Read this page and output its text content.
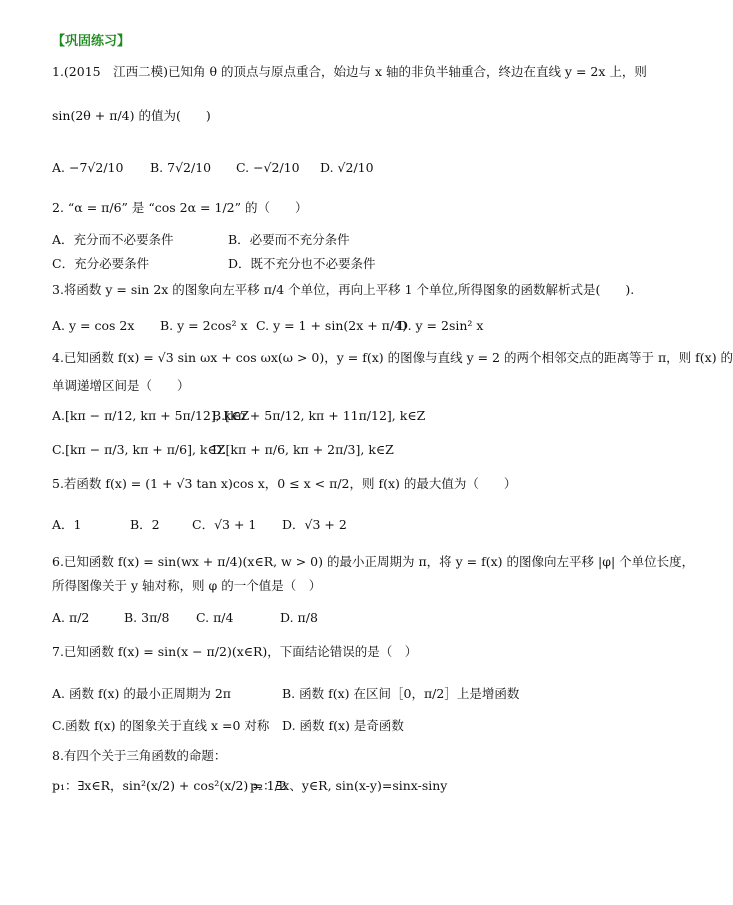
【巩固练习】
1.(2015　江西二模)已知角 θ 的顶点与原点重合，始边与 x 轴的非负半轴重合，终边在直线 y = 2x 上，则
sin(2θ + π/4) 的值为(　　)
A. −7√2/10 B. 7√2/10 C. −√2/10 D. √2/10
2. “α = π/6” 是 “cos 2α = 1/2” 的（　　）
A．充分而不必要条件	B．必要而不充分条件
C．充分必要条件	D．既不充分也不必要条件
3.将函数 y = sin 2x 的图象向左平移 π/4 个单位，再向上平移 1 个单位,所得图象的函数解析式是(　　).
A. y = cos 2x B. y = 2cos² x C. y = 1 + sin(2x + π/4)
D. y = 2sin² x
4.已知函数 f(x) = √3 sin ωx + cos ωx(ω > 0)，y = f(x) 的图像与直线 y = 2 的两个相邻交点的距离等于 π，则 f(x) 的
单调递增区间是（　　）
A.[kπ − π/12, kπ + 5π/12], k∈Z
B.[kπ + 5π/12, kπ + 11π/12], k∈Z
C.[kπ − π/3, kπ + π/6], k∈Z
D.[kπ + π/6, kπ + 2π/3], k∈Z
5.若函数 f(x) = (1 + √3 tan x)cos x，0 ≤ x < π/2，则 f(x) 的最大值为（　　）
A．1	B．2	C．√3 + 1 D．√3 + 2
6.已知函数 f(x) = sin(wx + π/4)(x∈R, w > 0) 的最小正周期为 π，将 y = f(x) 的图像向左平移 |φ| 个单位长度，
所得图像关于 y 轴对称，则 φ 的一个值是（　）
A. π/2	B. 3π/8 C. π/4	D. π/8
7.已知函数 f(x) = sin(x − π/2)(x∈R)，下面结论错误的是（　）
A. 函数 f(x) 的最小正周期为 2π	B. 函数 f(x) 在区间［0，π/2］上是增函数
C.函数 f(x) 的图象关于直线 x =0 对称 D. 函数 f(x) 是奇函数
8.有四个关于三角函数的命题：
p₁：∃x∈R，sin²(x/2) + cos²(x/2) = 1/2
p₂：∃x、y∈R, sin(x-y)=sinx-siny
